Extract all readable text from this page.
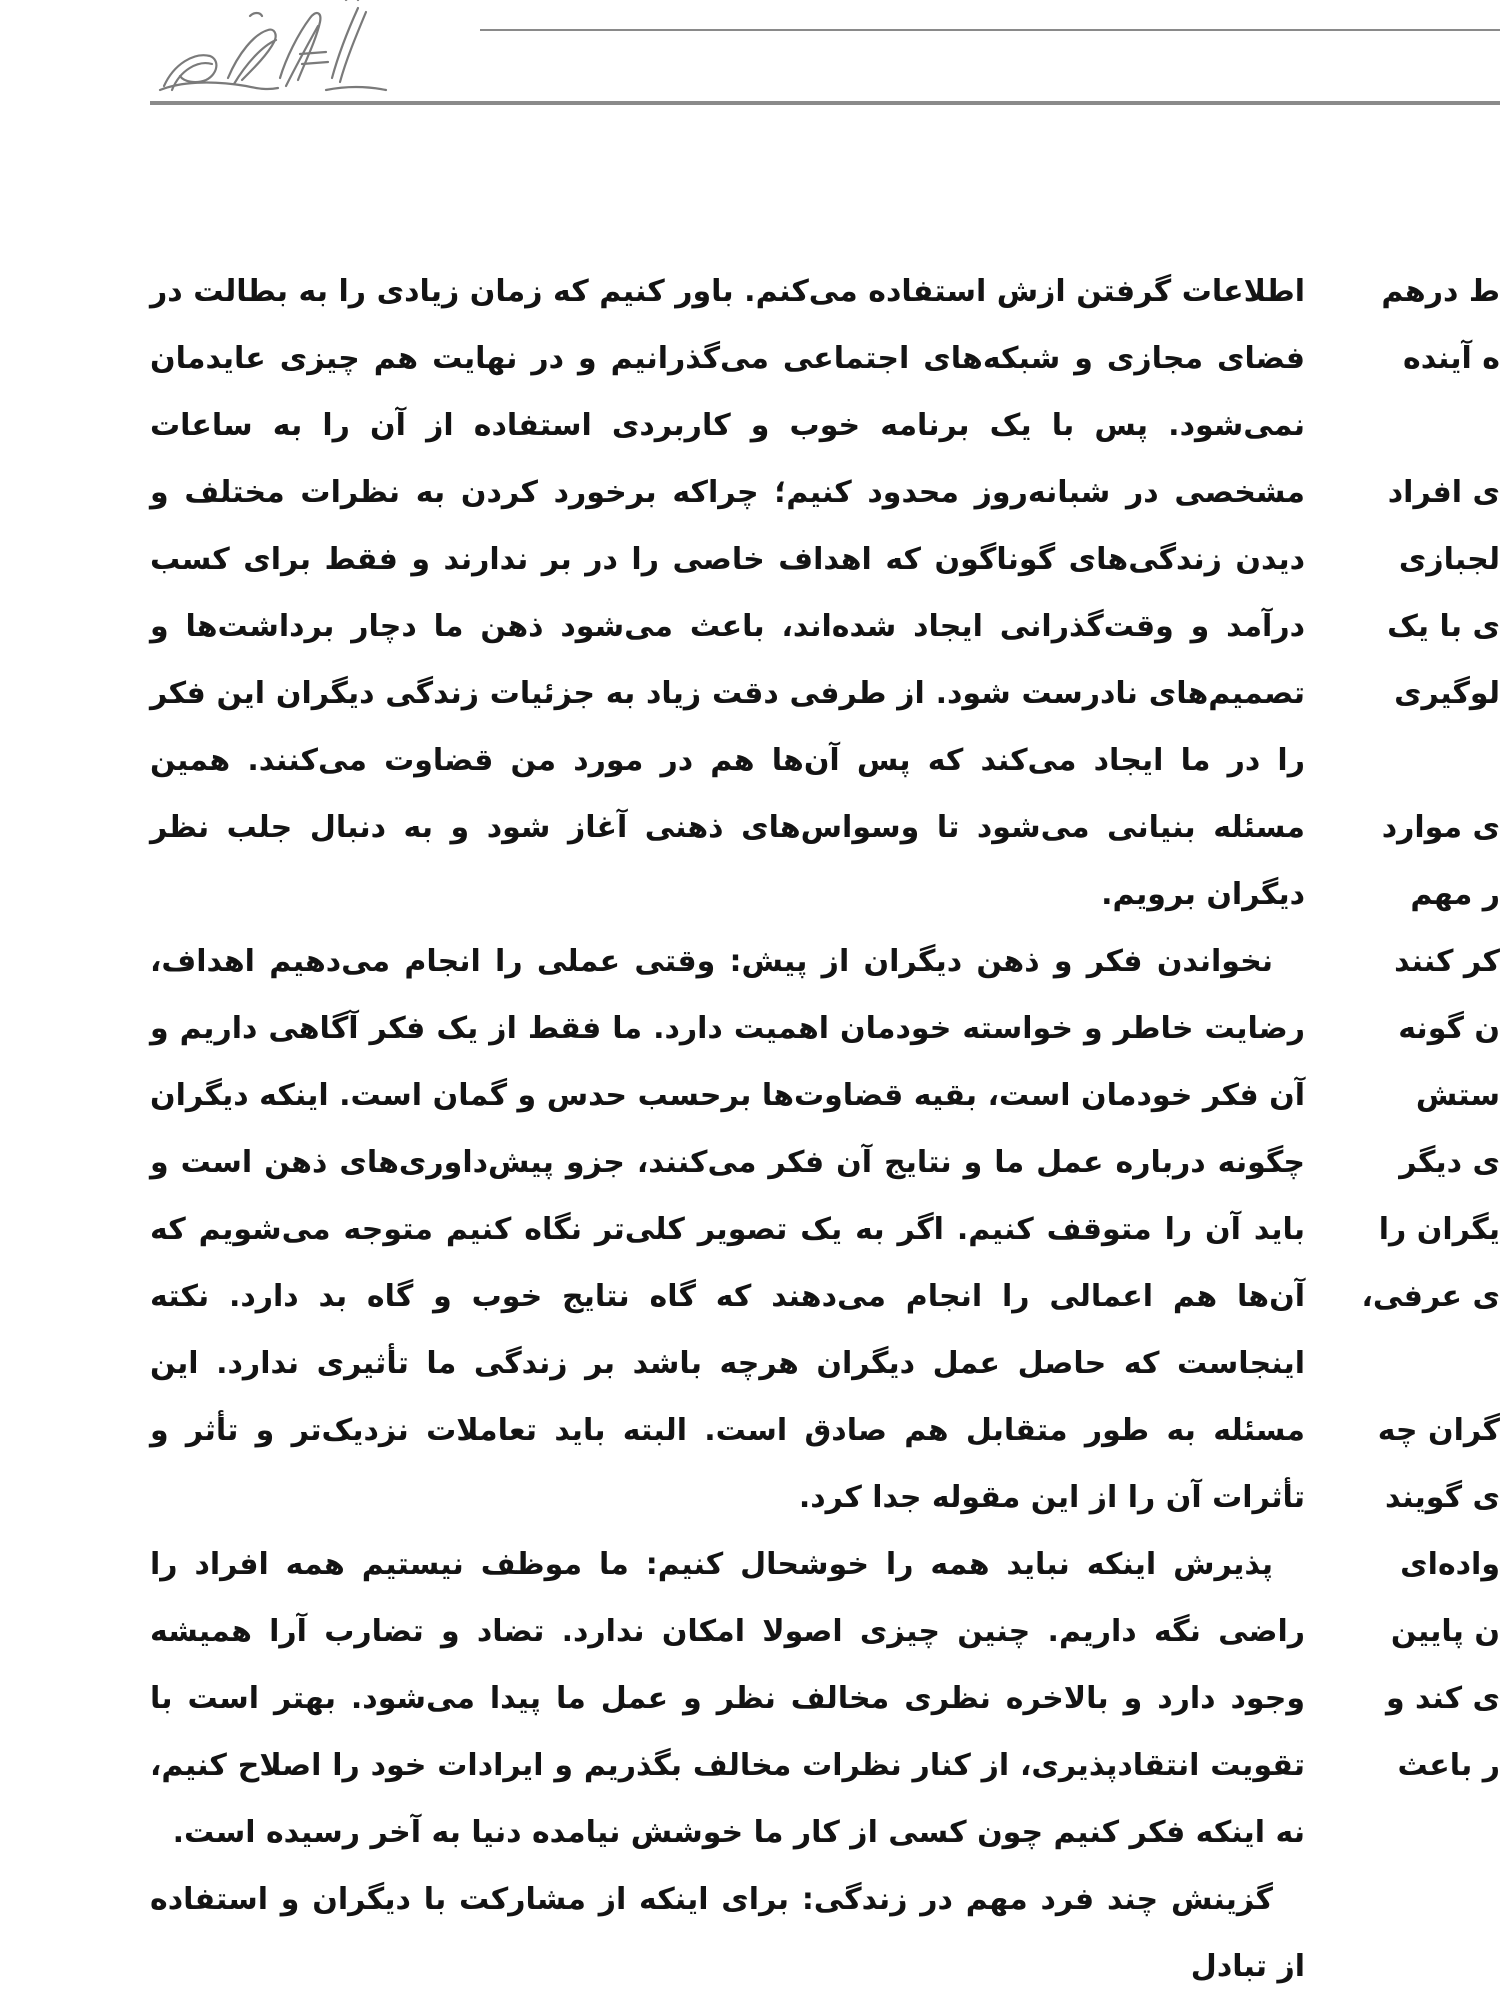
اطلاعات گرفتن ازش استفاده می‌کنم. باور کنیم که زمان زیادی را به بطالت در فضای مجازی و شبکه‌های اجتماعی می‌گذرانیم و در نهایت هم چیزی عایدمان نمی‌شود. پس با یک برنامه خوب و کاربردی استفاده از آن را به ساعات مشخصی در شبانه‌روز محدود کنیم؛ چراکه برخورد کردن به نظرات مختلف و دیدن زندگی‌های گوناگون که اهداف خاصی را در بر ندارند و فقط برای کسب درآمد و وقت‌گذرانی ایجاد شده‌اند، باعث می‌شود ذهن ما دچار برداشت‌ها و تصمیم‌های نادرست شود. از طرفی دقت زیاد به جزئیات زندگی دیگران این فکر را در ما ایجاد می‌کند که پس آن‌ها هم در مورد من قضاوت می‌کنند. همین مسئله بنیانی می‌شود تا وسواس‌های ذهنی آغاز شود و به دنبال جلب نظر دیگران برویم.

نخواندن فکر و ذهن دیگران از پیش: وقتی عملی را انجام می‌دهیم اهداف، رضایت خاطر و خواسته خودمان اهمیت دارد. ما فقط از یک فکر آگاهی داریم و آن فکر خودمان است، بقیه قضاوت‌ها برحسب حدس و گمان است. اینکه دیگران چگونه درباره عمل ما و نتایج آن فکر می‌کنند، جزو پیش‌داوری‌های ذهن است و باید آن را متوقف کنیم. اگر به یک تصویر کلی‌تر نگاه کنیم متوجه می‌شویم که آن‌ها هم اعمالی را انجام می‌دهند که گاه نتایج خوب و گاه بد دارد. نکته اینجاست که حاصل عمل دیگران هرچه باشد بر زندگی ما تأثیری ندارد. این مسئله به طور متقابل هم صادق است. البته باید تعاملات نزدیک‌تر و تأثر و تأثرات آن را از این مقوله جدا کرد.

پذیرش اینکه نباید همه را خوشحال کنیم: ما موظف نیستیم همه افراد را راضی نگه داریم. چنین چیزی اصولا امکان ندارد. تضاد و تضارب آرا همیشه وجود دارد و بالاخره نظری مخالف نظر و عمل ما پیدا می‌شود. بهتر است با تقویت انتقادپذیری، از کنار نظرات مخالف بگذریم و ایرادات خود را اصلاح کنیم، نه اینکه فکر کنیم چون کسی از کار ما خوشش نیامده دنیا به آخر رسیده است.

گزینش چند فرد مهم در زندگی: برای اینکه از مشارکت با دیگران و استفاده از تبادل

ط درهم
ه آینده
ی افراد
لجبازی
ی با یک
لوگیری
ی موارد
ر مهم
کر کنند
ن گونه
ستش
ی دیگر
یگران را
ی عرفی،
گران چه
ی گویند
واده‌ای
ن پایین
ی کند و
ر باعث
